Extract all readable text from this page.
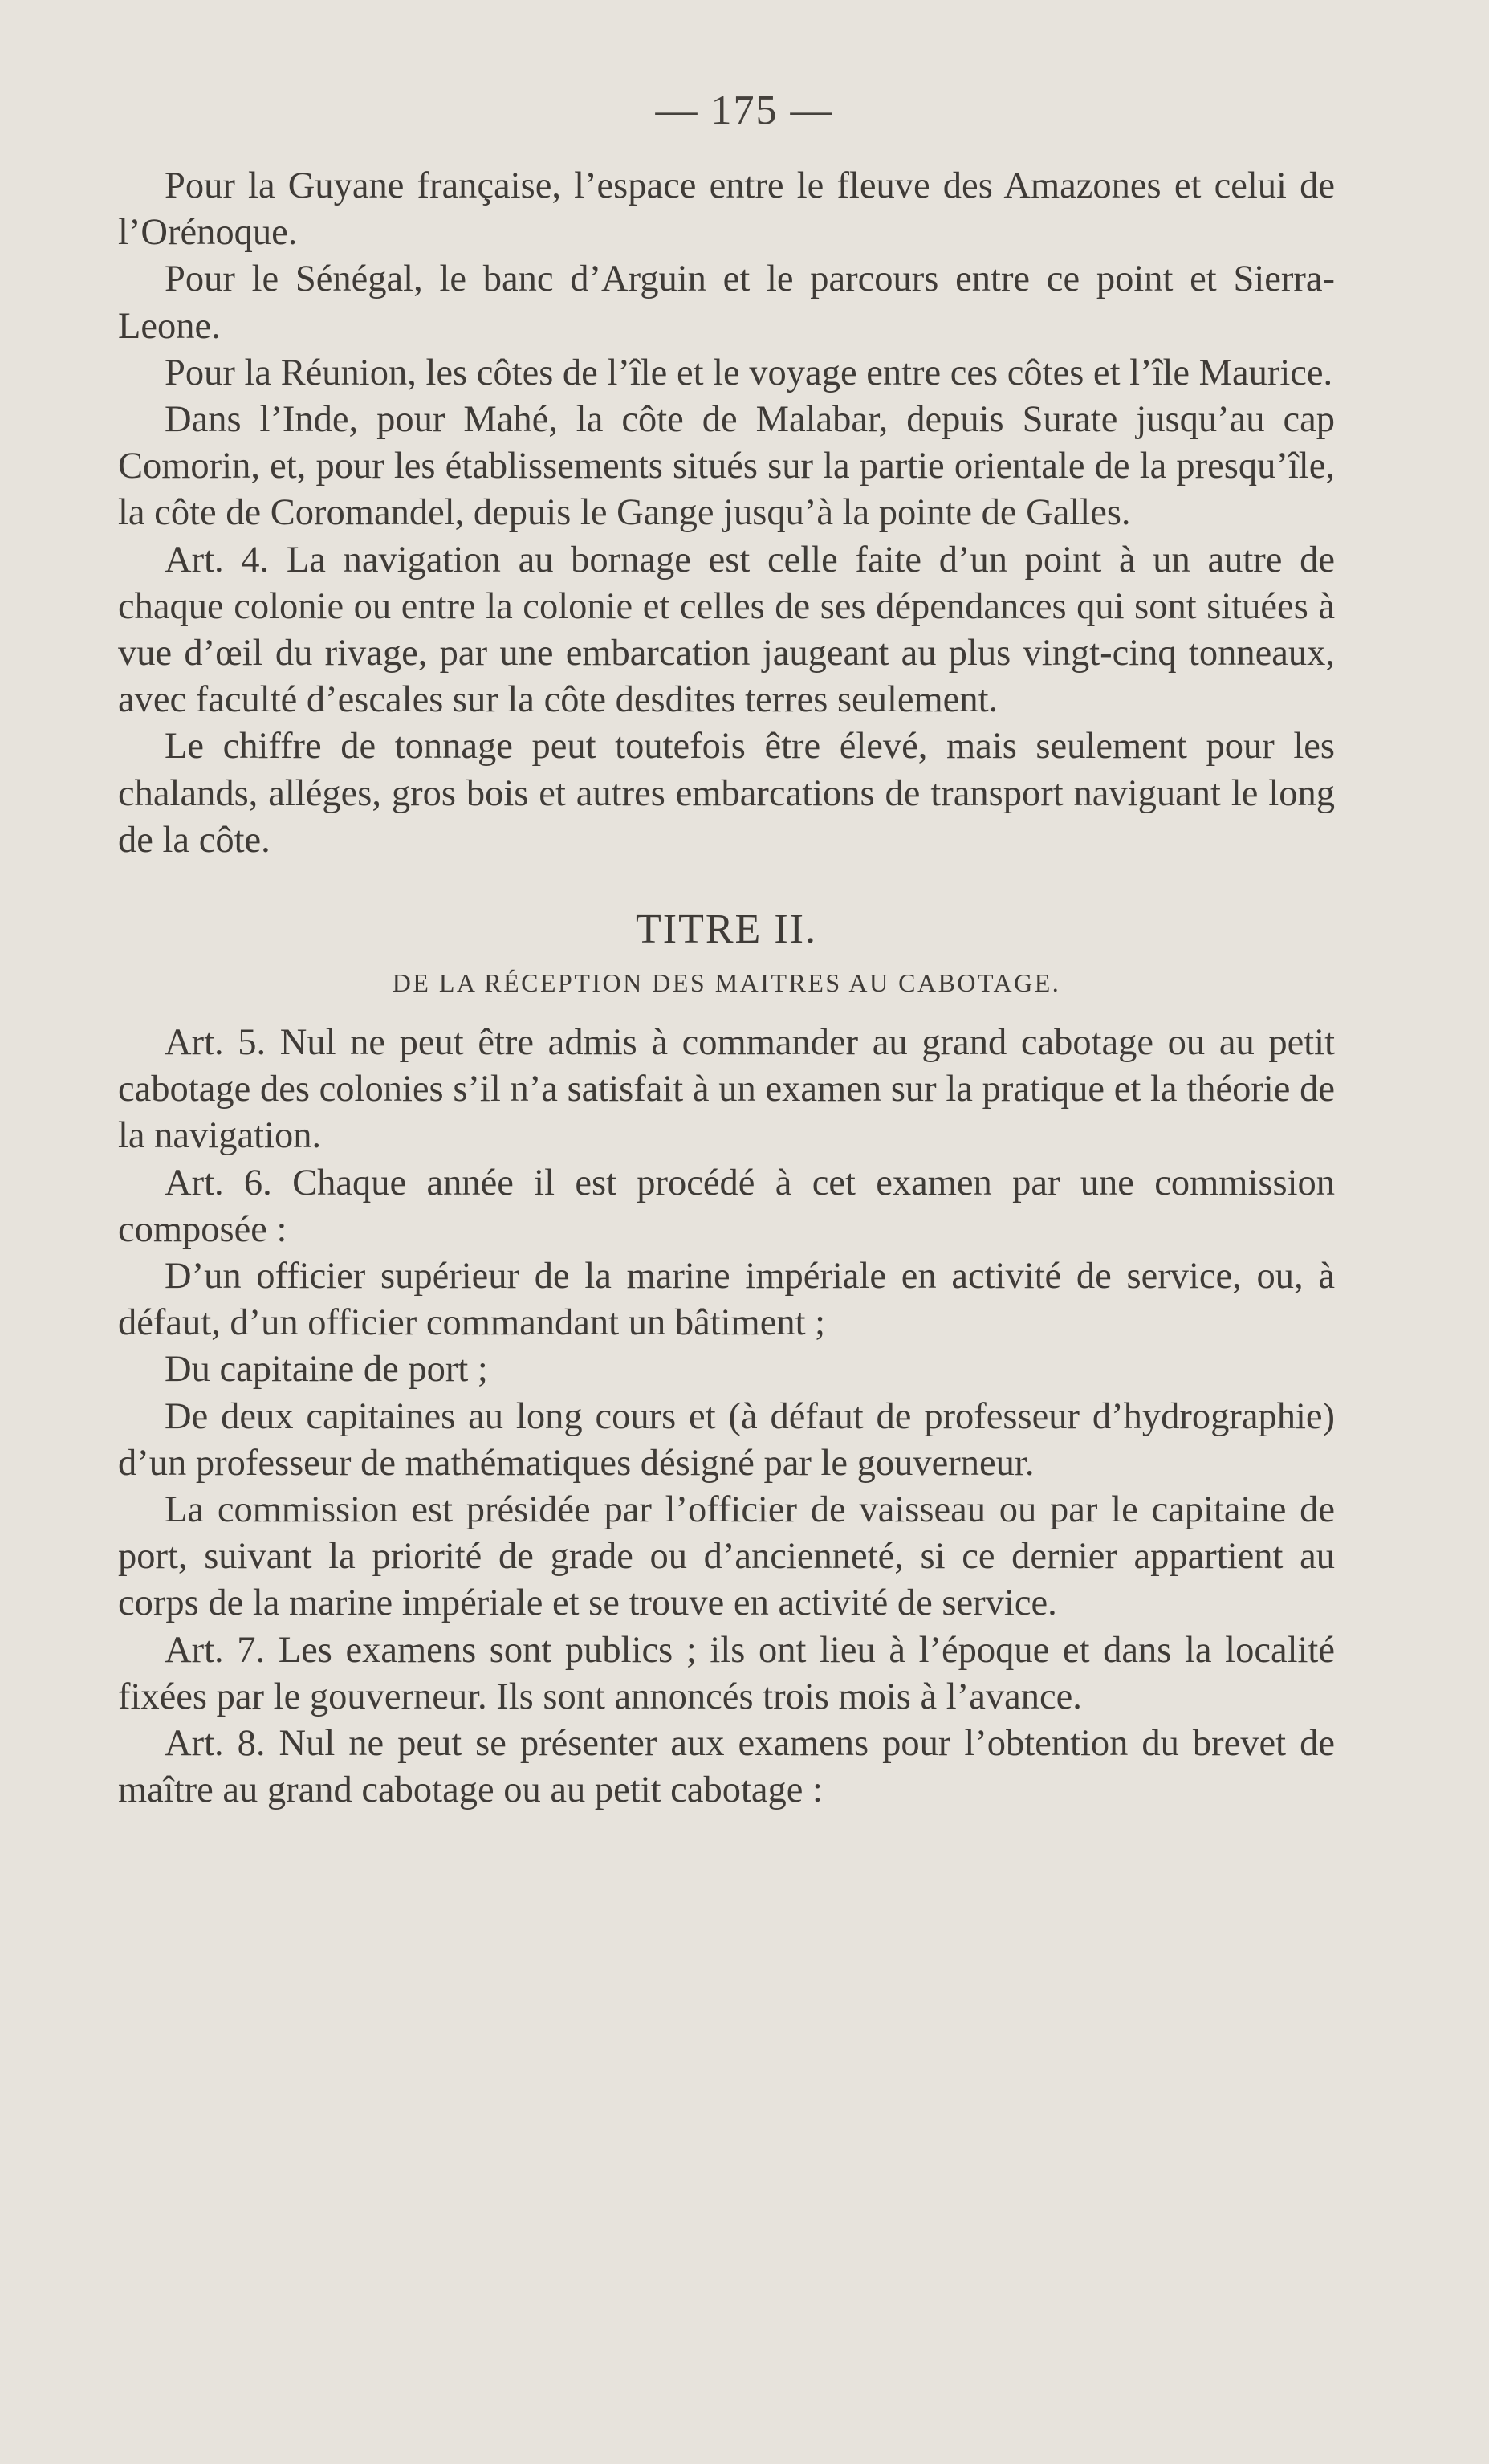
— 175 —

Pour la Guyane française, l’espace entre le fleuve des Amazones et celui de l’Orénoque.

Pour le Sénégal, le banc d’Arguin et le parcours entre ce point et Sierra-Leone.

Pour la Réunion, les côtes de l’île et le voyage entre ces côtes et l’île Maurice.

Dans l’Inde, pour Mahé, la côte de Malabar, depuis Surate jusqu’au cap Comorin, et, pour les établissements situés sur la partie orientale de la presqu’île, la côte de Coromandel, depuis le Gange jusqu’à la pointe de Galles.

Art. 4. La navigation au bornage est celle faite d’un point à un autre de chaque colonie ou entre la colonie et celles de ses dépendances qui sont situées à vue d’œil du rivage, par une embarcation jaugeant au plus vingt-cinq tonneaux, avec faculté d’escales sur la côte desdites terres seulement.

Le chiffre de tonnage peut toutefois être élevé, mais seulement pour les chalands, alléges, gros bois et autres embarcations de transport naviguant le long de la côte.

TITRE II.

DE LA RÉCEPTION DES MAITRES AU CABOTAGE.

Art. 5. Nul ne peut être admis à commander au grand cabotage ou au petit cabotage des colonies s’il n’a satisfait à un examen sur la pratique et la théorie de la navigation.

Art. 6. Chaque année il est procédé à cet examen par une commission composée :

D’un officier supérieur de la marine impériale en activité de service, ou, à défaut, d’un officier commandant un bâtiment ;

Du capitaine de port ;

De deux capitaines au long cours et (à défaut de professeur d’hydrographie) d’un professeur de mathématiques désigné par le gouverneur.

La commission est présidée par l’officier de vaisseau ou par le capitaine de port, suivant la priorité de grade ou d’ancienneté, si ce dernier appartient au corps de la marine impériale et se trouve en activité de service.

Art. 7. Les examens sont publics ; ils ont lieu à l’époque et dans la localité fixées par le gouverneur. Ils sont annoncés trois mois à l’avance.

Art. 8. Nul ne peut se présenter aux examens pour l’obtention du brevet de maître au grand cabotage ou au petit cabotage :
